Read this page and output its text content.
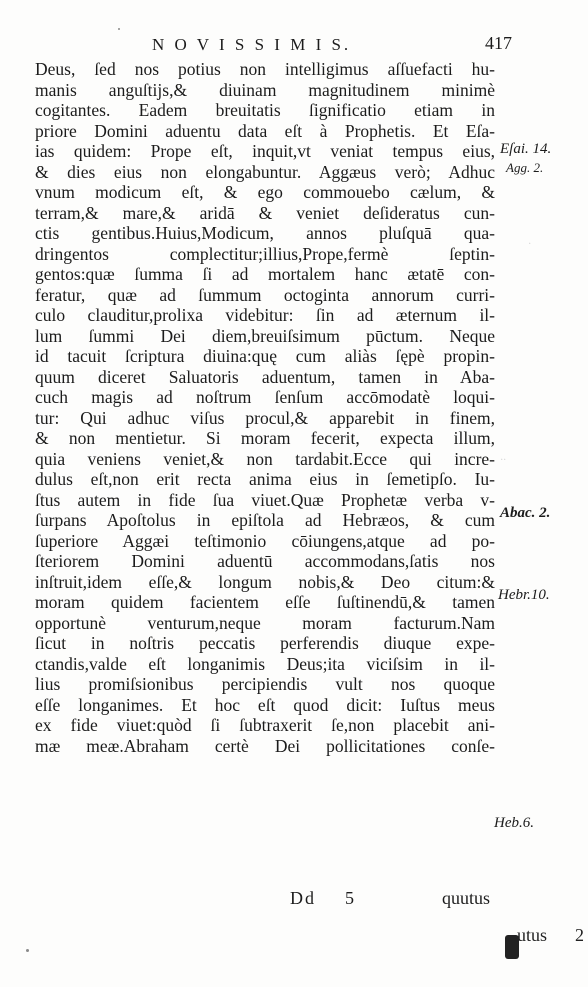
N O V I S S I M I S.	417
Deus, ſed nos potius non intelligimus aſſuefacti hu-
manis anguſtijs,& diuinam magnitudinem minimè
cogitantes. Eadem breuitatis ſignificatio etiam in
priore Domini aduentu data eſt à Prophetis. Et Eſa-
ias quidem: Prope eſt, inquit,vt veniat tempus eius,
& dies eius non elongabuntur. Aggæus verò; Adhuc
vnum modicum eſt, & ego commouebo cælum, &
terram,& mare,& aridā & veniet deſideratus cun-
ctis gentibus.Huius,Modicum, annos pluſquā qua-
dringentos complectitur;illius,Prope,fermè ſeptin-
gentos:quæ ſumma ſi ad mortalem hanc ætatē con-
feratur, quæ ad ſummum octoginta annorum curri-
culo clauditur,prolixa videbitur: ſin ad æternum il-
lum ſummi Dei diem,breuiſsimum pūctum. Neque
id tacuit ſcriptura diuina:quę cum aliàs ſępè propin-
quum diceret Saluatoris aduentum, tamen in Aba-
cuch magis ad noſtrum ſenſum accōmodatè loqui-
tur: Qui adhuc viſus procul,& apparebit in finem,
& non mentietur. Si moram fecerit, expecta illum,
quia veniens veniet,& non tardabit.Ecce qui incre-
dulus eſt,non erit recta anima eius in ſemetipſo. Iu-
ſtus autem in fide ſua viuet.Quæ Prophetæ verba v-
ſurpans Apoſtolus in epiſtola ad Hebræos, & cum
ſuperiore Aggæi teſtimonio cōiungens,atque ad po-
ſteriorem Domini aduentū accommodans,ſatis nos
inſtruit,idem eſſe,& longum nobis,& Deo citum:&
moram quidem facientem eſſe ſuſtinendū,& tamen
opportunè venturum,neque moram facturum.Nam
ſicut in noſtris peccatis perferendis diuque expe-
ctandis,valde eſt longanimis Deus;ita viciſsim in il-
lius promiſsionibus percipiendis vult nos quoque
eſſe longanimes. Et hoc eſt quod dicit: Iuſtus meus
ex fide viuet:quòd ſi ſubtraxerit ſe,non placebit ani-
mæ meæ.Abraham certè Dei pollicitationes conſe-
Eſai. 14.
Agg. 2.
Abac. 2.
Hebr.10.
Heb.6.
·
··
Dd 5	quutus
utus 2
